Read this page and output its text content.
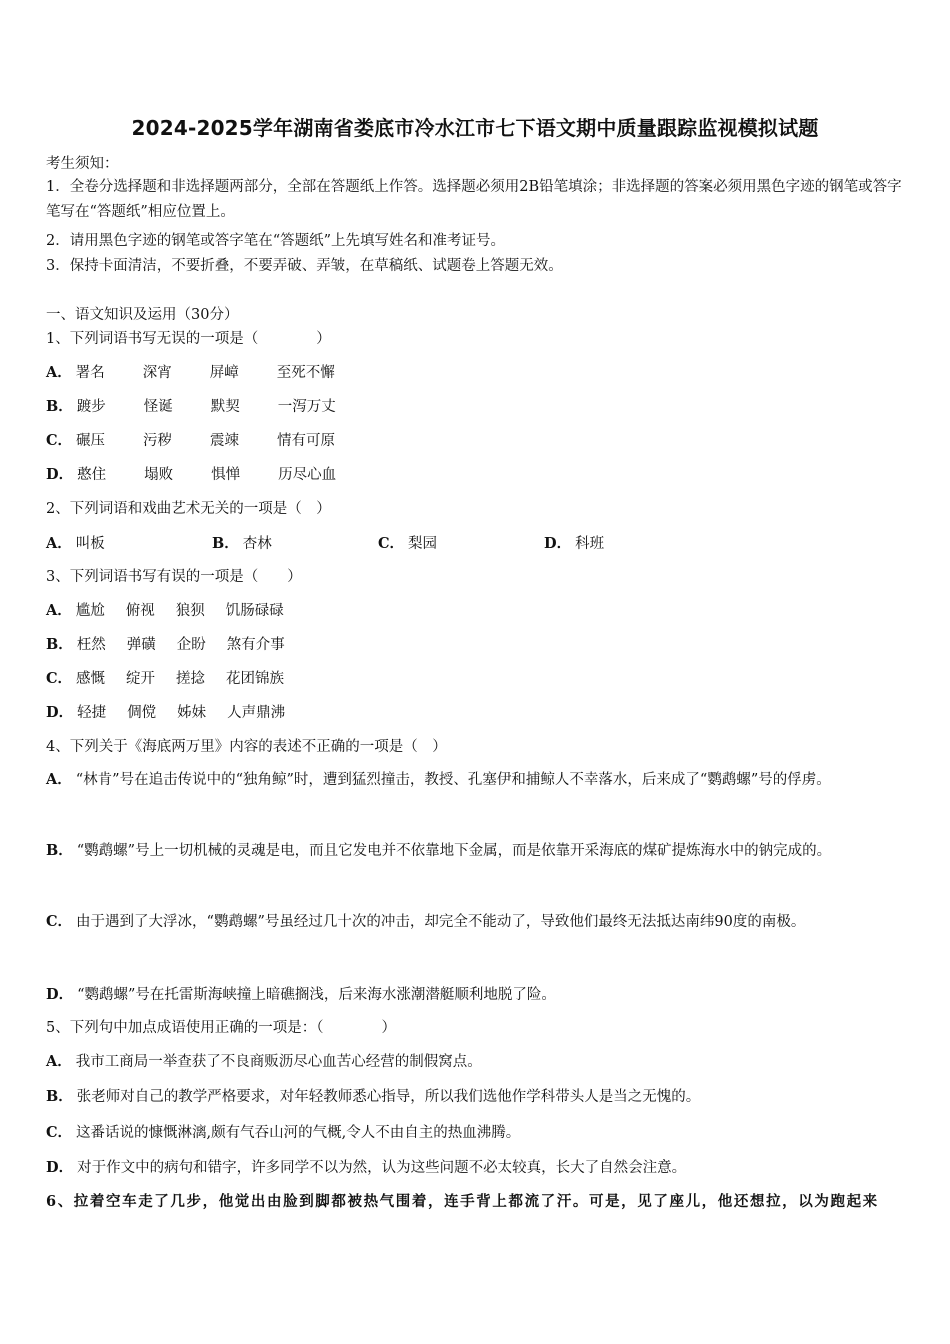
2024-2025学年湖南省娄底市冷水江市七下语文期中质量跟踪监视模拟试题
考生须知：
1．全卷分选择题和非选择题两部分，全部在答题纸上作答。选择题必须用2B铅笔填涂；非选择题的答案必须用黑色字迹的钢笔或答字笔写在“答题纸”相应位置上。
2．请用黑色字迹的钢笔或答字笔在“答题纸”上先填写姓名和准考证号。
3．保持卡面清洁，不要折叠，不要弄破、弄皱，在草稿纸、试题卷上答题无效。
一、语文知识及运用（30分）
1、下列词语书写无误的一项是（　　　　）
A． 署名	深宵	屏嶂	至死不懈
B． 踱步	怪诞	默契	一泻万丈
C． 碾压	污秽	震竦	情有可原
D． 憨住	塌败	惧惮	历尽心血
2、下列词语和戏曲艺术无关的一项是（　）
A． 叫板	B． 杏林	C． 梨园	D． 科班
3、下列词语书写有误的一项是（　　）
A． 尴尬 俯视 狼狈 饥肠碌碌
B． 枉然 弹磺 企盼 煞有介事
C． 感慨 绽开 搓捻 花团锦族
D． 轻捷 倜傥 姊妹 人声鼎沸
4、下列关于《海底两万里》内容的表述不正确的一项是（　）
A． “林肯”号在追击传说中的“独角鲸”时，遭到猛烈撞击，教授、孔塞伊和捕鲸人不幸落水，后来成了“鹦鹉螺”号的俘虏。
B． “鹦鹉螺”号上一切机械的灵魂是电，而且它发电并不依靠地下金属，而是依靠开采海底的煤矿提炼海水中的钠完成的。
C． 由于遇到了大浮冰，“鹦鹉螺”号虽经过几十次的冲击，却完全不能动了，导致他们最终无法抵达南纬90度的南极。
D． “鹦鹉螺”号在托雷斯海峡撞上暗礁搁浅，后来海水涨潮潜艇顺利地脱了险。
5、下列句中加点成语使用正确的一项是：（　　　　）
A． 我市工商局一举查获了不良商贩沥尽心血苦心经营的制假窝点。
B． 张老师对自己的教学严格要求，对年轻教师悉心指导，所以我们选他作学科带头人是当之无愧的。
C． 这番话说的慷慨淋漓,颇有气吞山河的气概,令人不由自主的热血沸腾。
D． 对于作文中的病句和错字，许多同学不以为然，认为这些问题不必太较真，长大了自然会注意。
6、拉着空车走了几步，他觉出由脸到脚都被热气围着，连手背上都流了汗。可是，见了座儿，他还想拉，以为跑起来
